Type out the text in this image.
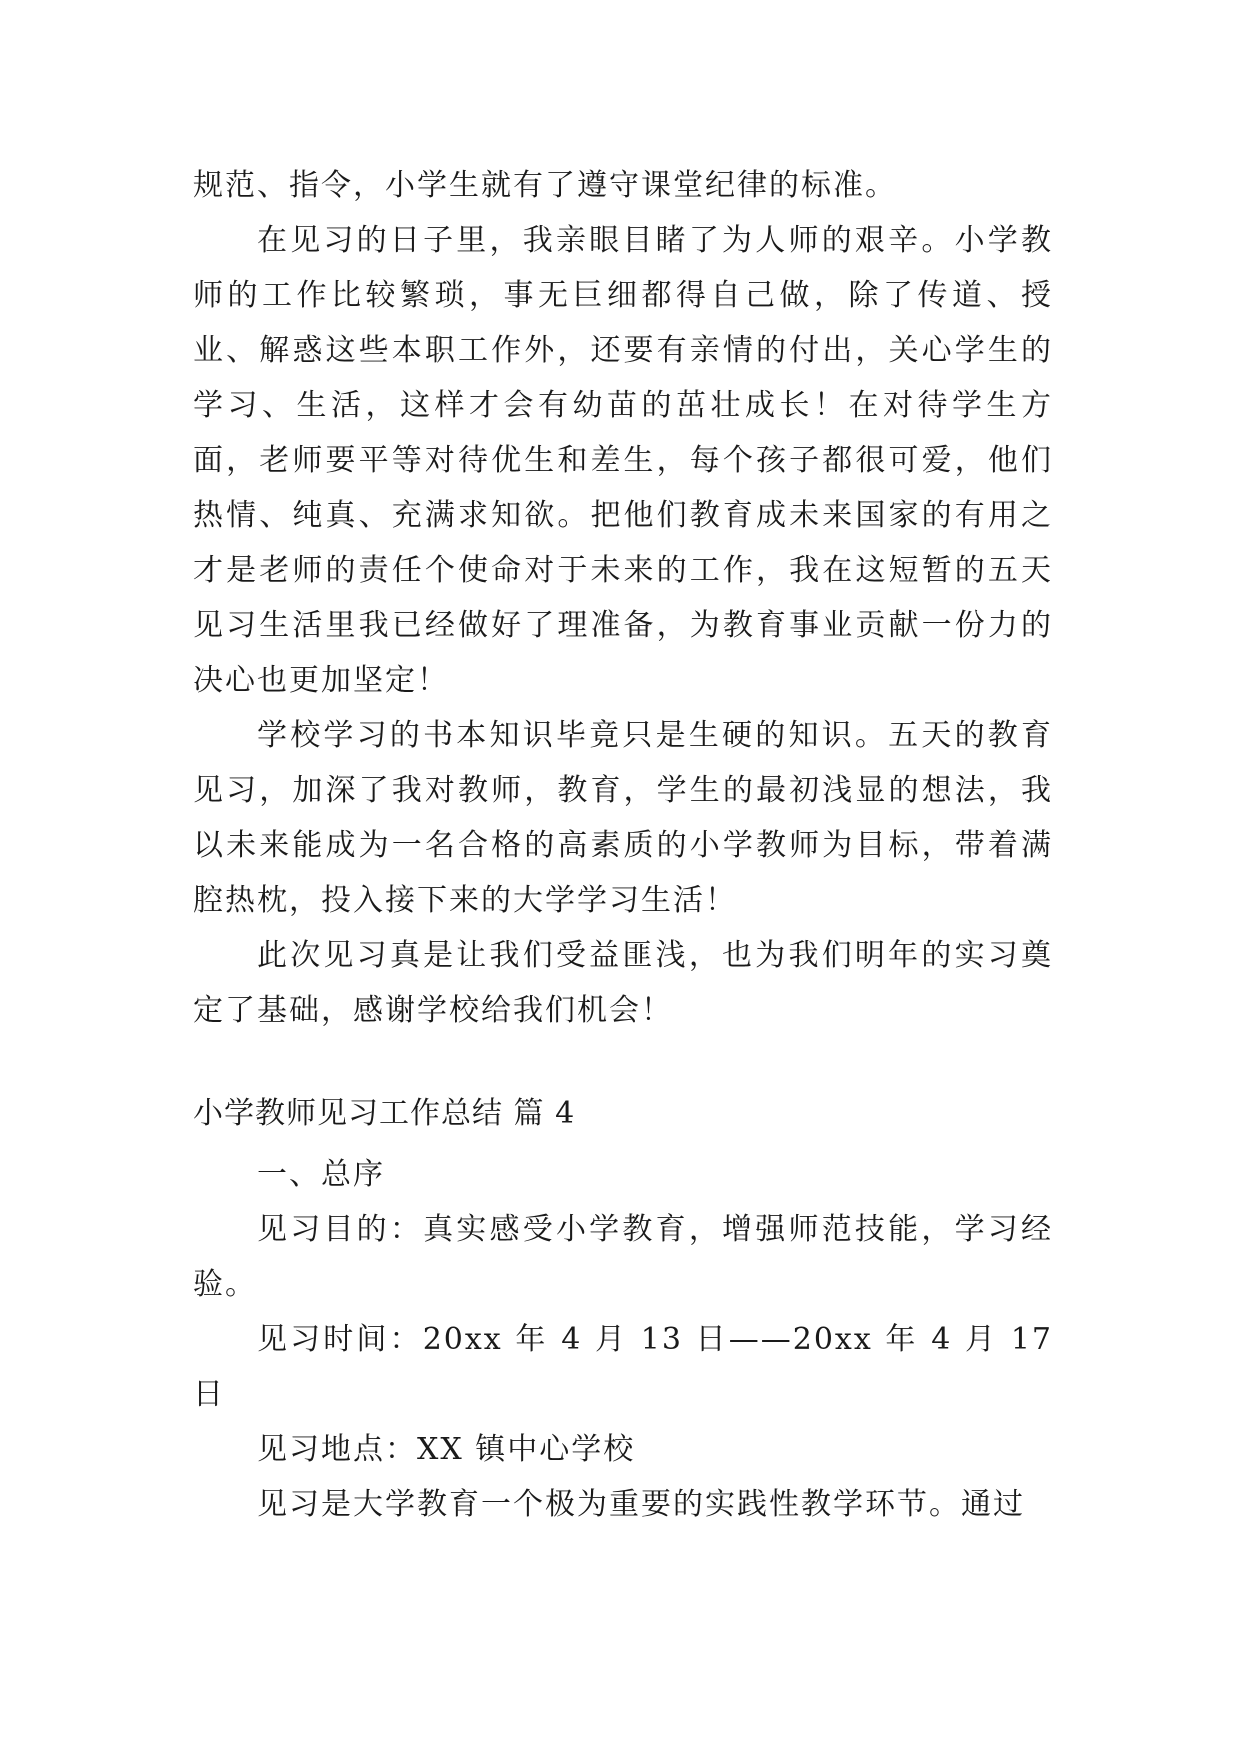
规范、指令，小学生就有了遵守课堂纪律的标准。

在见习的日子里，我亲眼目睹了为人师的艰辛。小学教师的工作比较繁琐，事无巨细都得自己做，除了传道、授业、解惑这些本职工作外，还要有亲情的付出，关心学生的学习、生活，这样才会有幼苗的茁壮成长！在对待学生方面，老师要平等对待优生和差生，每个孩子都很可爱，他们热情、纯真、充满求知欲。把他们教育成未来国家的有用之才是老师的责任个使命对于未来的工作，我在这短暂的五天见习生活里我已经做好了理准备，为教育事业贡献一份力的决心也更加坚定！

学校学习的书本知识毕竟只是生硬的知识。五天的教育见习，加深了我对教师，教育，学生的最初浅显的想法，我以未来能成为一名合格的高素质的小学教师为目标，带着满腔热枕，投入接下来的大学学习生活！

此次见习真是让我们受益匪浅，也为我们明年的实习奠定了基础，感谢学校给我们机会！

小学教师见习工作总结 篇 4

一、总序

见习目的：真实感受小学教育，增强师范技能，学习经验。

见习时间：20xx 年 4 月 13 日——20xx 年 4 月 17 日

见习地点：XX 镇中心学校

见习是大学教育一个极为重要的实践性教学环节。通过
